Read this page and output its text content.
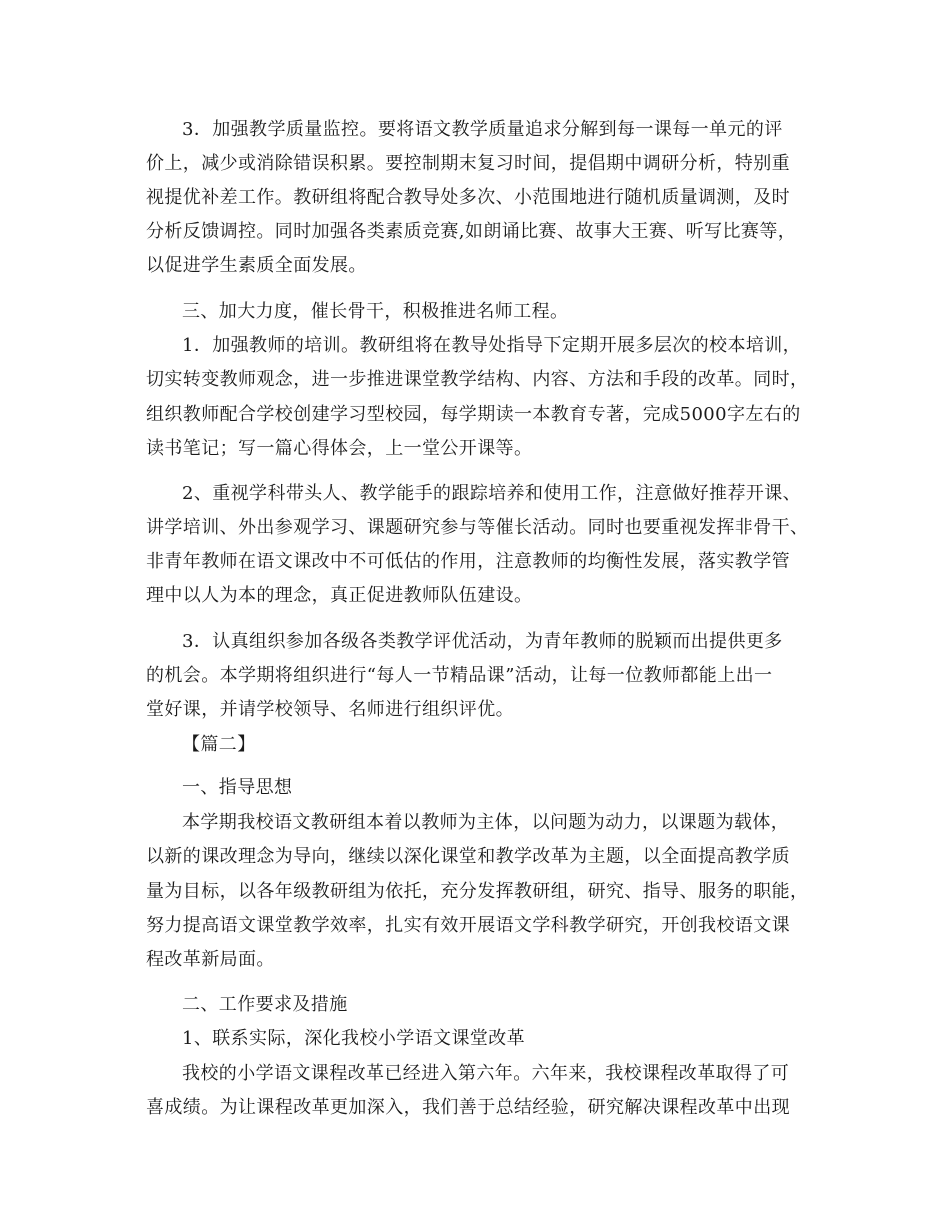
3．加强教学质量监控。要将语文教学质量追求分解到每一课每一单元的评
价上，减少或消除错误积累。要控制期末复习时间，提倡期中调研分析，特别重
视提优补差工作。教研组将配合教导处多次、小范围地进行随机质量调测，及时
分析反馈调控。同时加强各类素质竞赛,如朗诵比赛、故事大王赛、听写比赛等，
以促进学生素质全面发展。
三、加大力度，催长骨干，积极推进名师工程。
1．加强教师的培训。教研组将在教导处指导下定期开展多层次的校本培训，
切实转变教师观念，进一步推进课堂教学结构、内容、方法和手段的改革。同时，
组织教师配合学校创建学习型校园，每学期读一本教育专著，完成5000字左右的
读书笔记；写一篇心得体会，上一堂公开课等。
2、重视学科带头人、教学能手的跟踪培养和使用工作，注意做好推荐开课、
讲学培训、外出参观学习、课题研究参与等催长活动。同时也要重视发挥非骨干、
非青年教师在语文课改中不可低估的作用，注意教师的均衡性发展，落实教学管
理中以人为本的理念，真正促进教师队伍建设。
3．认真组织参加各级各类教学评优活动，为青年教师的脱颖而出提供更多
的机会。本学期将组织进行“每人一节精品课”活动，让每一位教师都能上出一
堂好课，并请学校领导、名师进行组织评优。
【篇二】
一、指导思想
本学期我校语文教研组本着以教师为主体，以问题为动力，以课题为载体，
以新的课改理念为导向，继续以深化课堂和教学改革为主题，以全面提高教学质
量为目标，以各年级教研组为依托，充分发挥教研组，研究、指导、服务的职能，
努力提高语文课堂教学效率，扎实有效开展语文学科教学研究，开创我校语文课
程改革新局面。
二、工作要求及措施
1、联系实际，深化我校小学语文课堂改革
我校的小学语文课程改革已经进入第六年。六年来，我校课程改革取得了可
喜成绩。为让课程改革更加深入，我们善于总结经验，研究解决课程改革中出现
